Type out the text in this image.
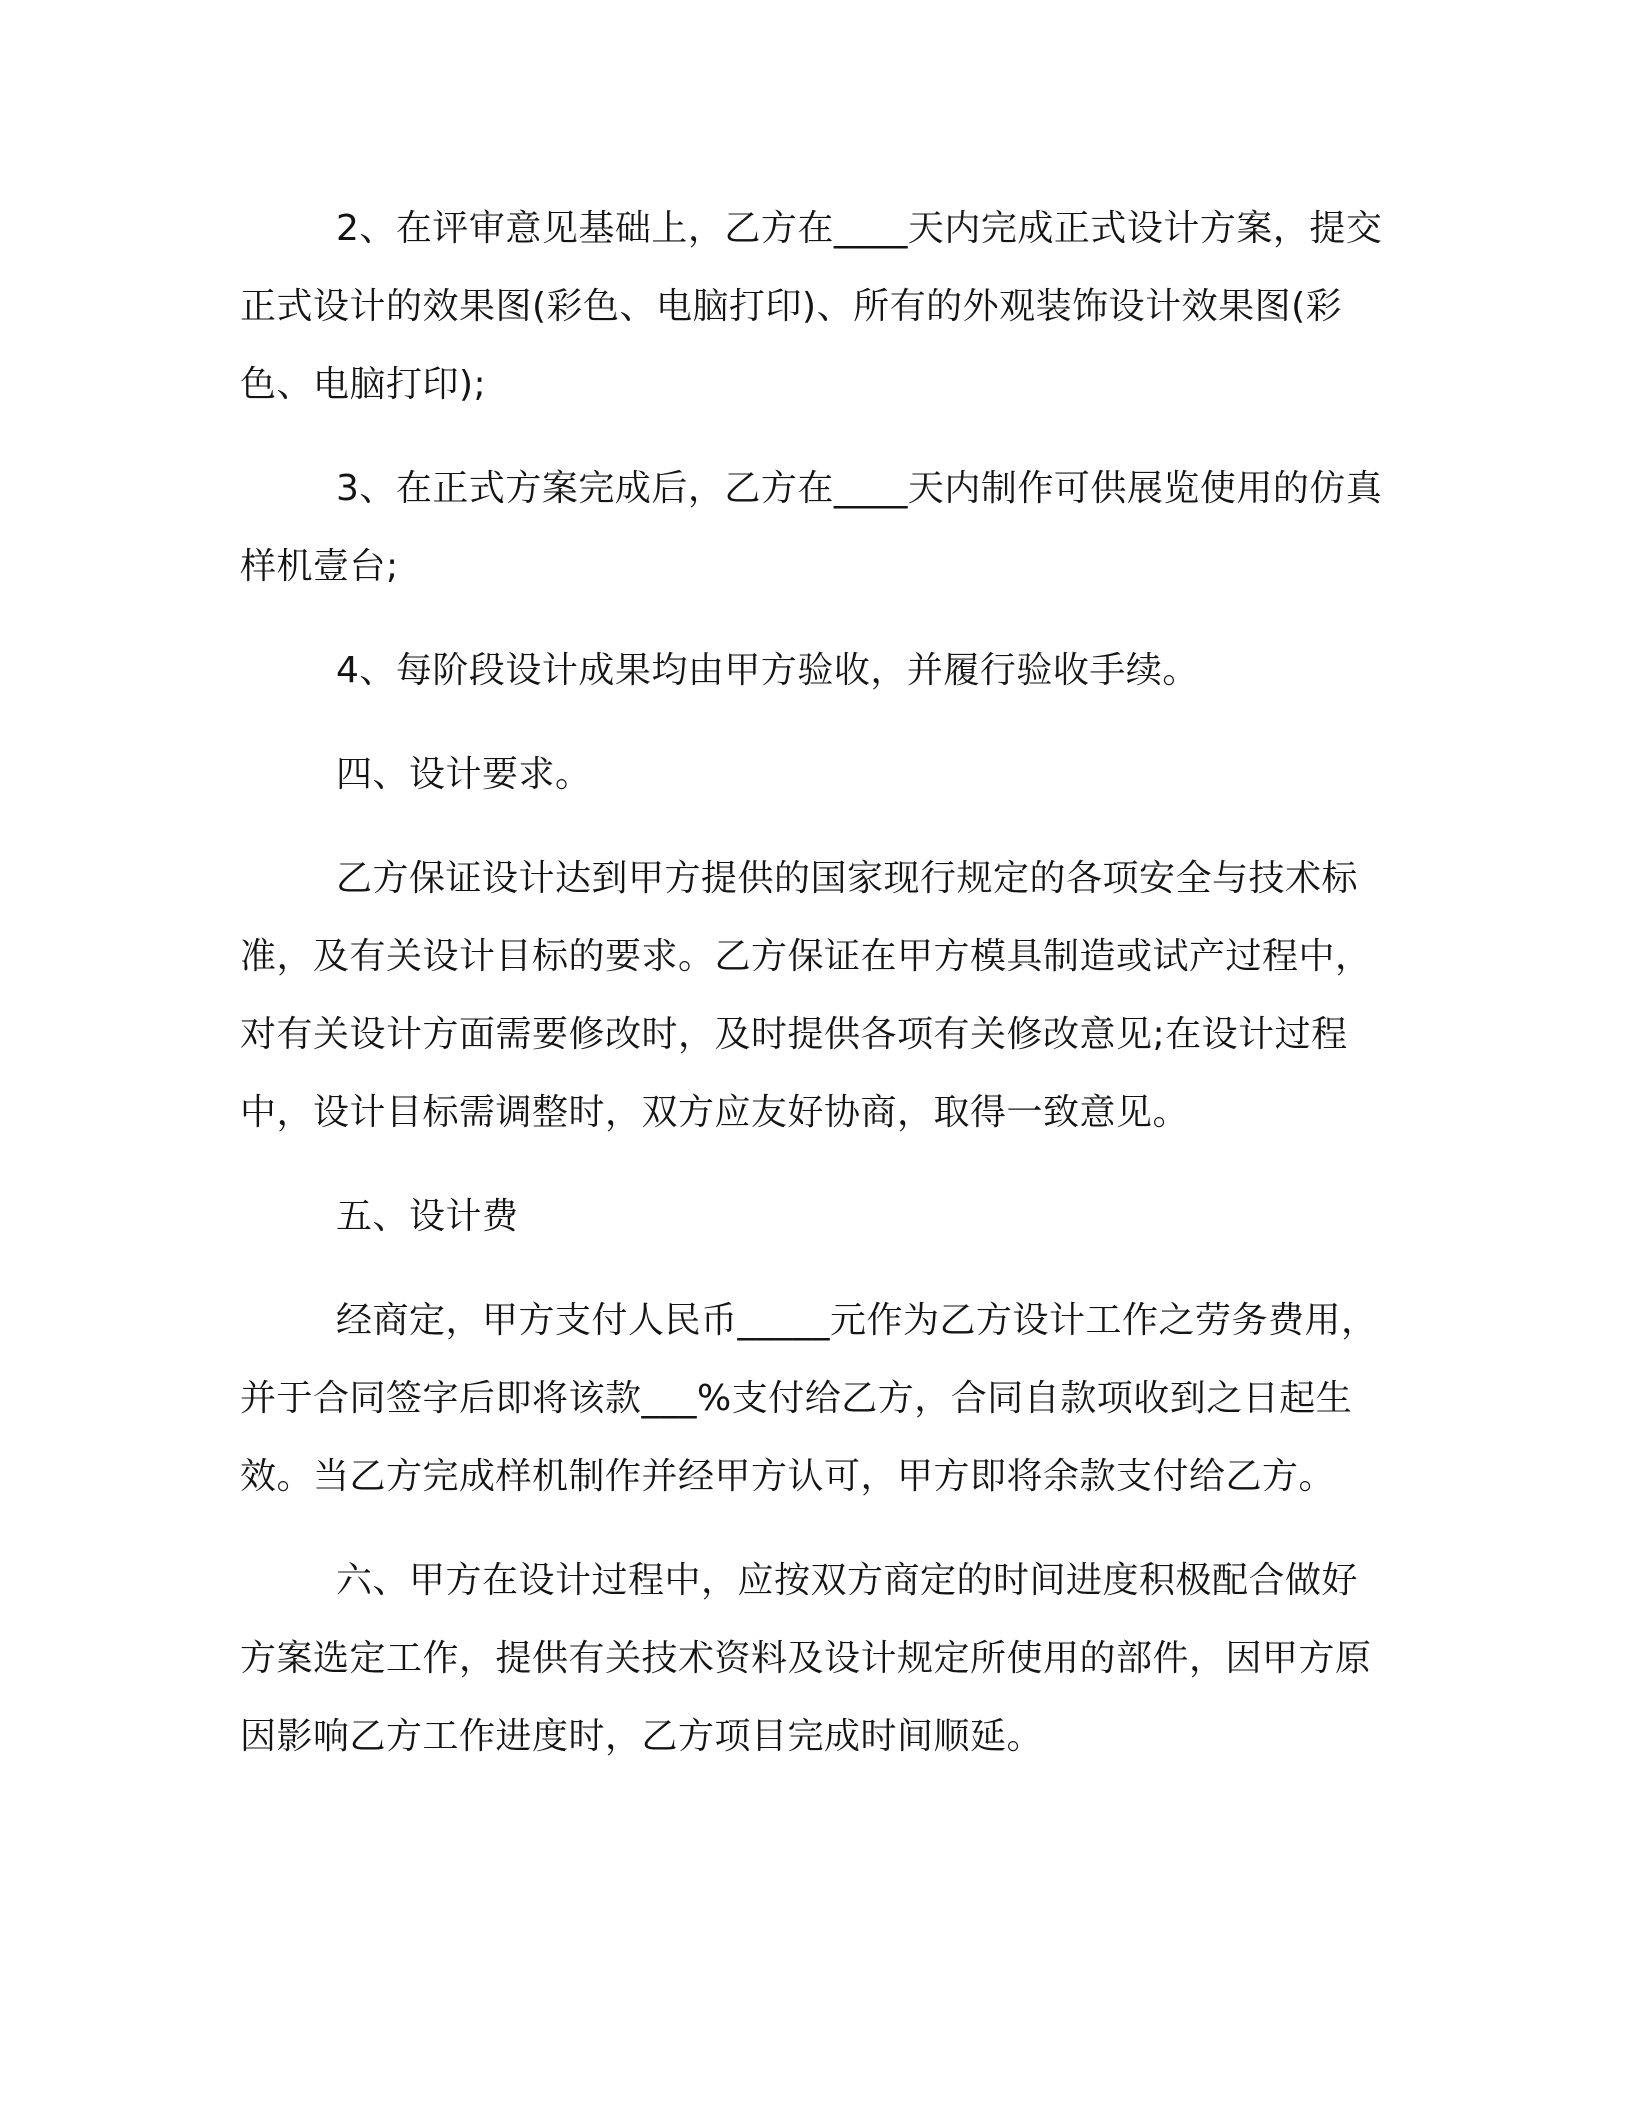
2、在评审意见基础上，乙方在____天内完成正式设计方案，提交正式设计的效果图(彩色、电脑打印)、所有的外观装饰设计效果图(彩色、电脑打印);

3、在正式方案完成后，乙方在____天内制作可供展览使用的仿真样机壹台;

4、每阶段设计成果均由甲方验收，并履行验收手续。

四、设计要求。

乙方保证设计达到甲方提供的国家现行规定的各项安全与技术标准，及有关设计目标的要求。乙方保证在甲方模具制造或试产过程中，对有关设计方面需要修改时，及时提供各项有关修改意见;在设计过程中，设计目标需调整时，双方应友好协商，取得一致意见。

五、设计费

经商定，甲方支付人民币_____元作为乙方设计工作之劳务费用，并于合同签字后即将该款___%支付给乙方，合同自款项收到之日起生效。当乙方完成样机制作并经甲方认可，甲方即将余款支付给乙方。

六、甲方在设计过程中，应按双方商定的时间进度积极配合做好方案选定工作，提供有关技术资料及设计规定所使用的部件，因甲方原因影响乙方工作进度时，乙方项目完成时间顺延。
